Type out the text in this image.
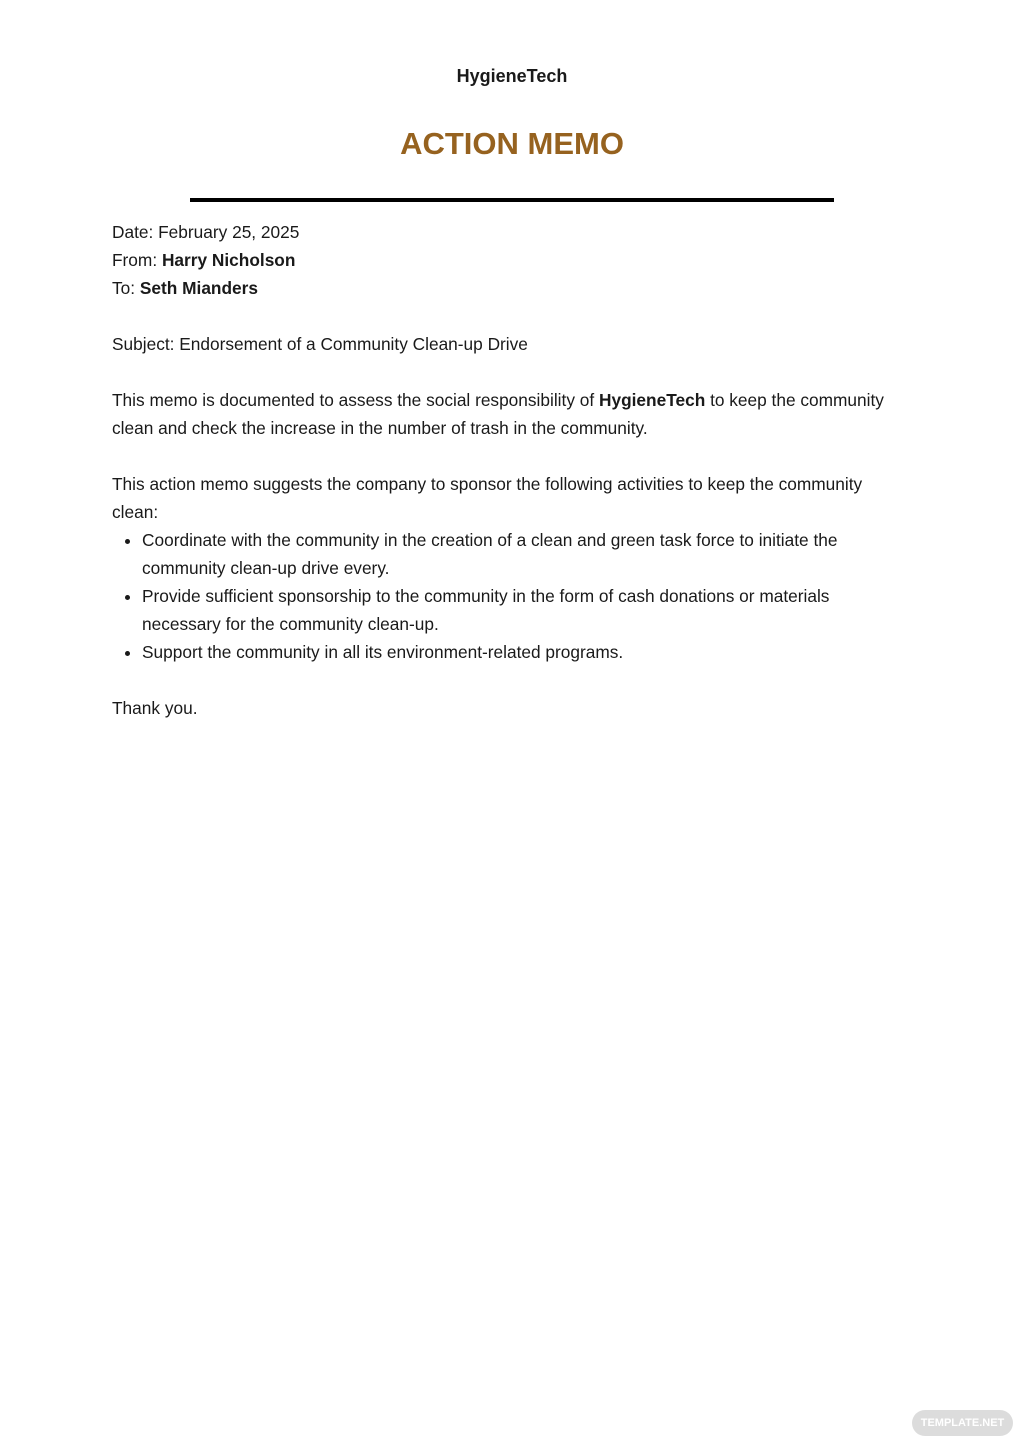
HygieneTech
ACTION MEMO

Date: February 25, 2025

From: Harry Nicholson

To: Seth Mianders

Subject: Endorsement of a Community Clean-up Drive

This memo is documented to assess the social responsibility of HygieneTech to keep the community clean and check the increase in the number of trash in the community.

This action memo suggests the company to sponsor the following activities to keep the community clean:

• Coordinate with the community in the creation of a clean and green task force to initiate the community clean-up drive every.
• Provide sufficient sponsorship to the community in the form of cash donations or materials necessary for the community clean-up.
• Support the community in all its environment-related programs.

Thank you.

TEMPLATE.NET
